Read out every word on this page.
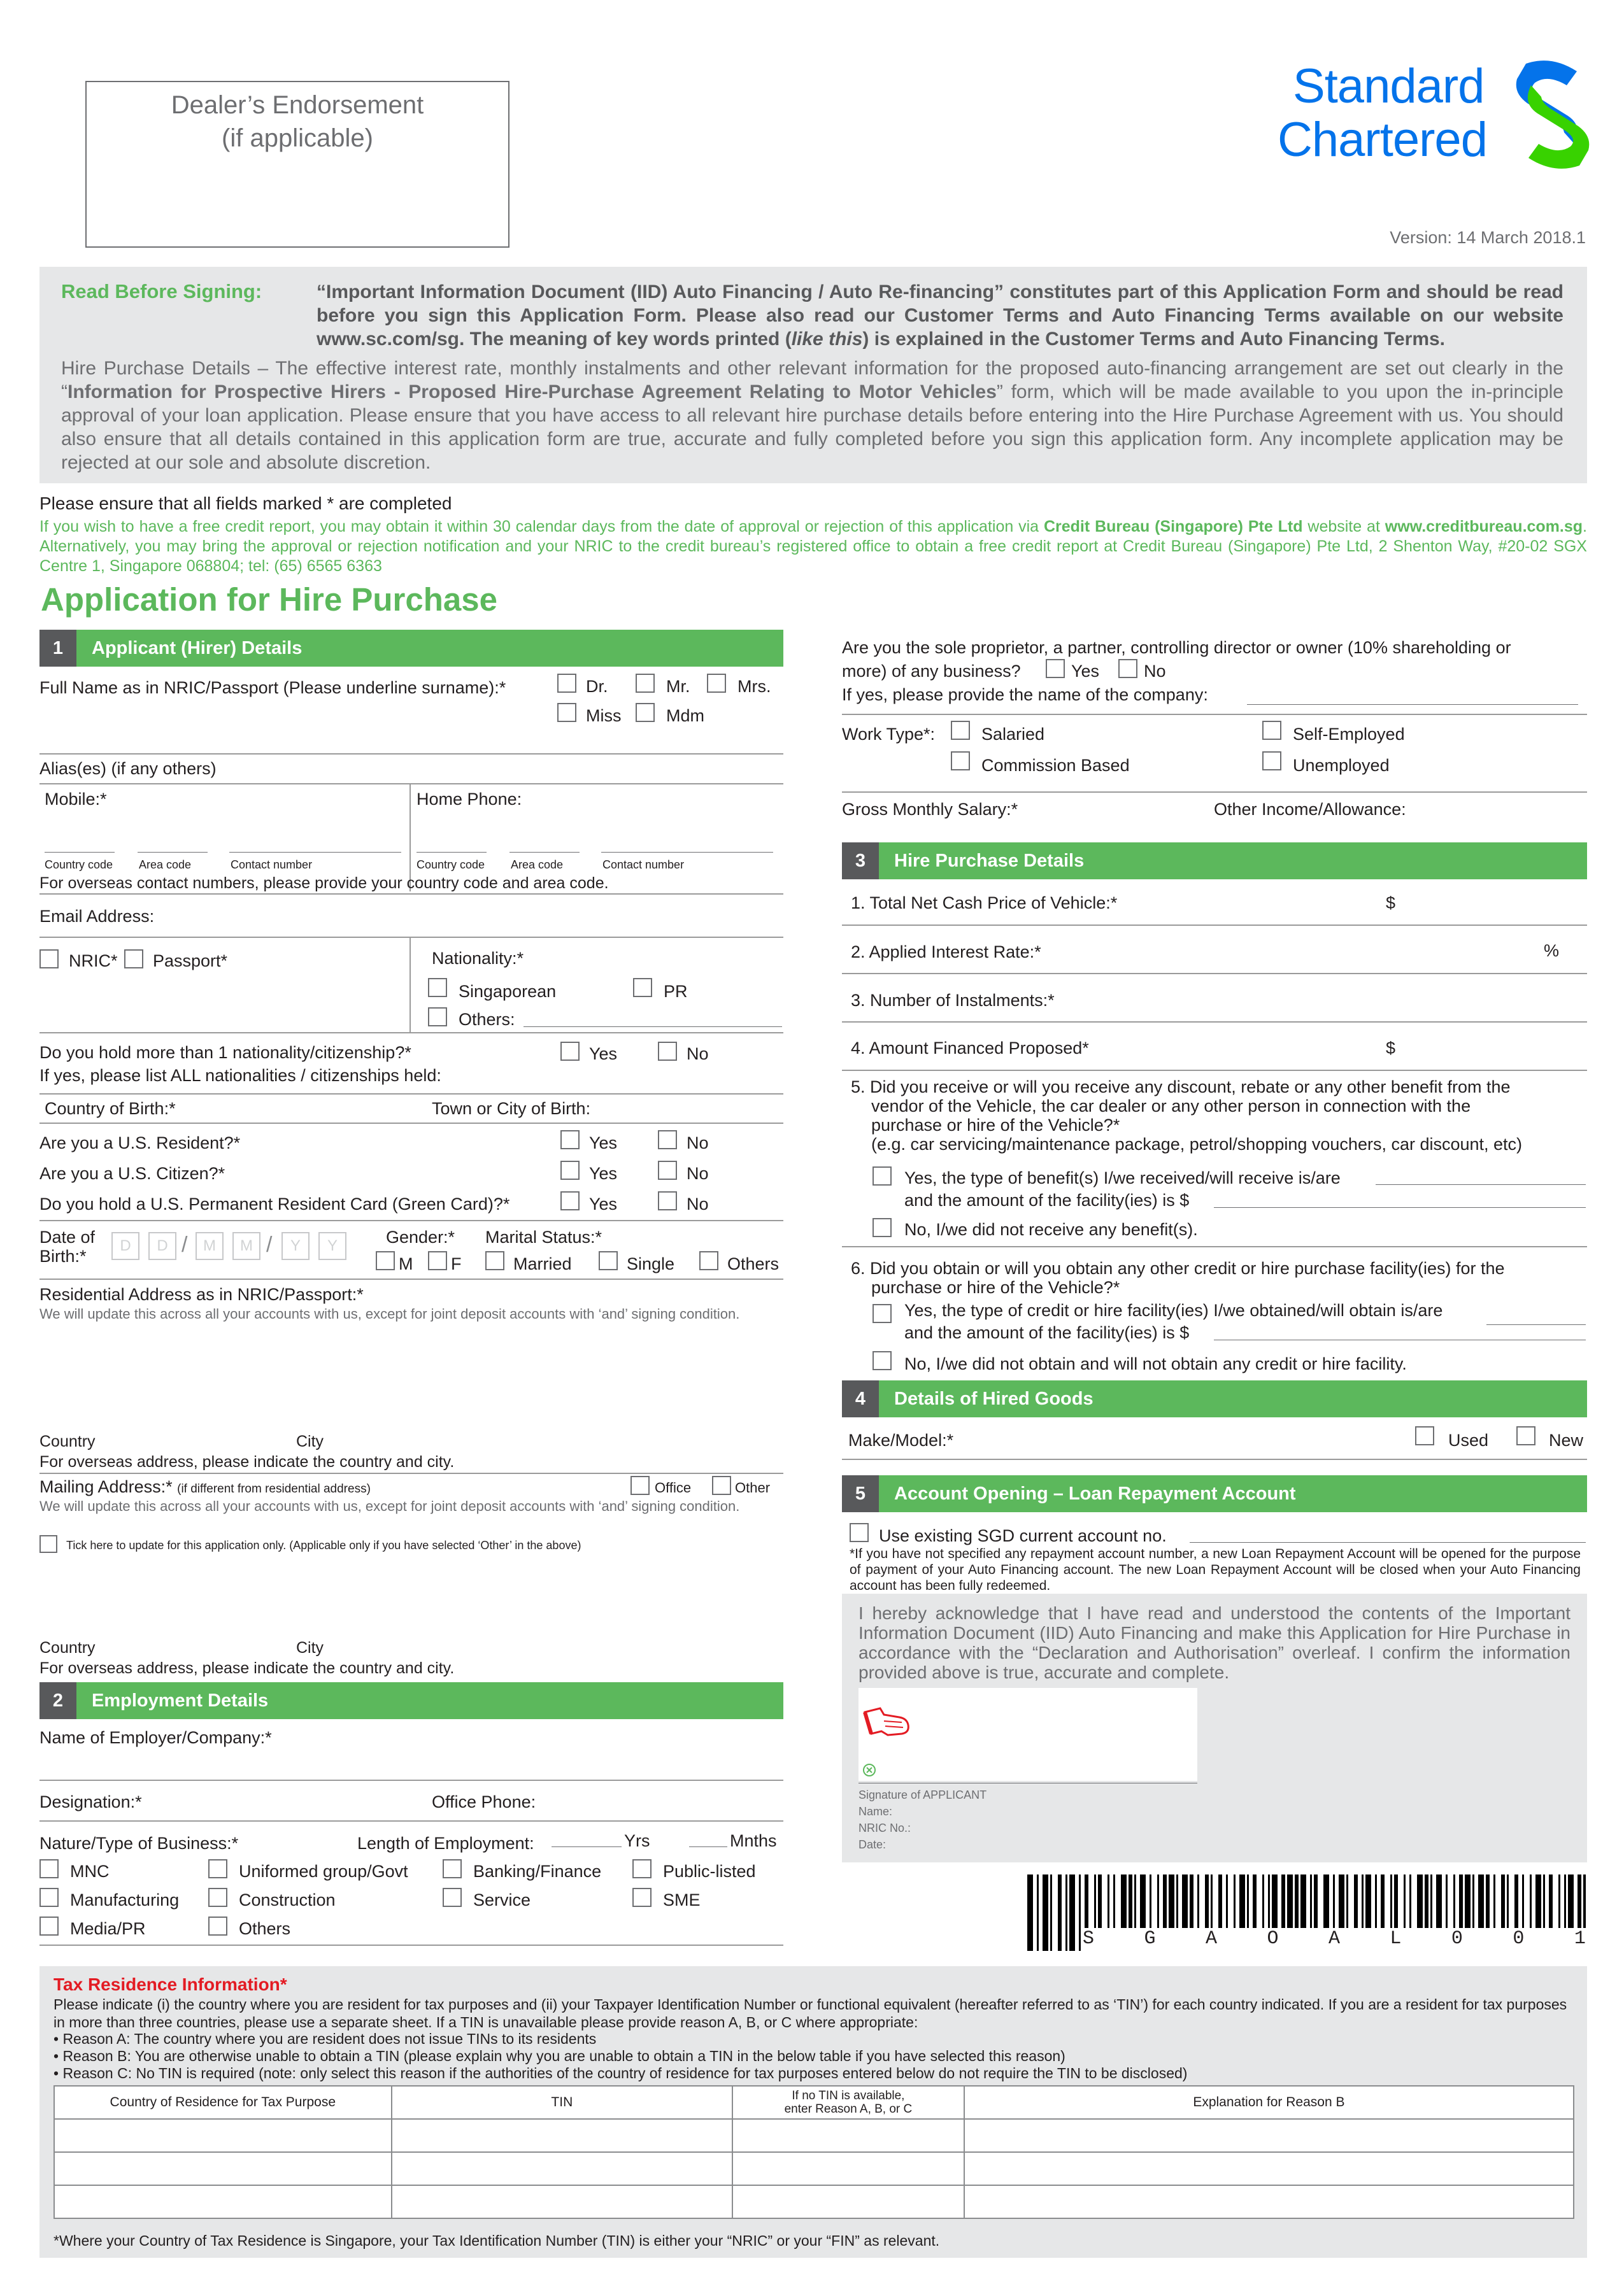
Dealer’s Endorsement
(if applicable)
Standard
Chartered
Version: 14 March 2018.1
Read Before Signing:	“Important Information Document (IID) Auto Financing / Auto Re-financing” constitutes part of this Application Form and should be read before you sign this Application Form. Please also read our Customer Terms and Auto Financing Terms available on our website www.sc.com/sg. The meaning of key words printed (like this) is explained in the Customer Terms and Auto Financing Terms.
Hire Purchase Details – The effective interest rate, monthly instalments and other relevant information for the proposed auto-financing arrangement are set out clearly in the “Information for Prospective Hirers - Proposed Hire-Purchase Agreement Relating to Motor Vehicles” form, which will be made available to you upon the in-principle approval of your loan application. Please ensure that you have access to all relevant hire purchase details before entering into the Hire Purchase Agreement with us. You should also ensure that all details contained in this application form are true, accurate and fully completed before you sign this application form. Any incomplete application may be rejected at our sole and absolute discretion.
Please ensure that all fields marked * are completed
If you wish to have a free credit report, you may obtain it within 30 calendar days from the date of approval or rejection of this application via Credit Bureau (Singapore) Pte Ltd website at www.creditbureau.com.sg. Alternatively, you may bring the approval or rejection notification and your NRIC to the credit bureau’s registered office to obtain a free credit report at Credit Bureau (Singapore) Pte Ltd, 2 Shenton Way, #20-02 SGX Centre 1, Singapore 068804; tel: (65) 6565 6363
Application for Hire Purchase
1	Applicant (Hirer) Details
Full Name as in NRIC/Passport (Please underline surname):*	Dr.	Mr.	Mrs.
Miss	Mdm
Alias(es) (if any others)
Mobile:*	Home Phone:
Country code Area code	Contact number	Country code Area code	Contact number
For overseas contact numbers, please provide your country code and area code.
Email Address:
NRIC* Passport*	Nationality:*
Singaporean	PR
Others:
Do you hold more than 1 nationality/citizenship?*
If yes, please list ALL nationalities / citizenships held:
Yes	No
Country of Birth:*	Town or City of Birth:
Are you a U.S. Resident?*	Yes	No
Are you a U.S. Citizen?*	Yes	No
Do you hold a U.S. Permanent Resident Card (Green Card)?*	Yes	No
Date of
Birth:*
D	D /	M	M /	Y	Y	Gender:*
M F
Marital Status:*
Married	Single	Others
Residential Address as in NRIC/Passport:*
We will update this across all your accounts with us, except for joint deposit accounts with ‘and’ signing condition.
Country	City
For overseas address, please indicate the country and city.
Mailing Address:* (if different from residential address)	Office	Other
We will update this across all your accounts with us, except for joint deposit accounts with ‘and’ signing condition.
Tick here to update for this application only. (Applicable only if you have selected ‘Other’ in the above)
Country	City
For overseas address, please indicate the country and city.
2	Employment Details
Name of Employer/Company:*
Designation:*	Office Phone:
Nature/Type of Business:*	Length of Employment:	Yrs	Mnths
MNC	Uniformed group/Govt	Banking/Finance	Public-listed
Manufacturing	Construction	Service	SME
Media/PR	Others
Are you the sole proprietor, a partner, controlling director or owner (10% shareholding or
more) of any business?	Yes	No
If yes, please provide the name of the company:
Work Type*:	Salaried	Self-Employed
Commission Based	Unemployed
Gross Monthly Salary:*	Other Income/Allowance:
3	Hire Purchase Details
1. Total Net Cash Price of Vehicle:*	$
2. Applied Interest Rate:*	%
3. Number of Instalments:*
4. Amount Financed Proposed*	$
5. Did you receive or will you receive any discount, rebate or any other benefit from the
vendor of the Vehicle, the car dealer or any other person in connection with the
purchase or hire of the Vehicle?*
(e.g. car servicing/maintenance package, petrol/shopping vouchers, car discount, etc)
Yes, the type of benefit(s) I/we received/will receive is/are
and the amount of the facility(ies) is $
No, I/we did not receive any benefit(s).
6. Did you obtain or will you obtain any other credit or hire purchase facility(ies) for the
purchase or hire of the Vehicle?*
Yes, the type of credit or hire facility(ies) I/we obtained/will obtain is/are
and the amount of the facility(ies) is $
No, I/we did not obtain and will not obtain any credit or hire facility.
4	Details of Hired Goods
Make/Model:*	Used	New
5	Account Opening – Loan Repayment Account
Use existing SGD current account no.
*If you have not specified any repayment account number, a new Loan Repayment Account will be opened for the purpose of payment of your Auto Financing account. The new Loan Repayment Account will be closed when your Auto Financing account has been fully redeemed.
I hereby acknowledge that I have read and understood the contents of the Important Information Document (IID) Auto Financing and make this Application for Hire Purchase in accordance with the “Declaration and Authorisation” overleaf. I confirm the information provided above is true, accurate and complete.
Signature of APPLICANT
Name:
NRIC No.:
Date:
S	G	A	O	A	L	0	0	1
Tax Residence Information*
Please indicate (i) the country where you are resident for tax purposes and (ii) your Taxpayer Identification Number or functional equivalent (hereafter referred to as ‘TIN’) for each country indicated. If you are a resident for tax purposes in more than three countries, please use a separate sheet. If a TIN is unavailable please provide reason A, B, or C where appropriate:
• Reason A: The country where you are resident does not issue TINs to its residents
• Reason B: You are otherwise unable to obtain a TIN (please explain why you are unable to obtain a TIN in the below table if you have selected this reason)
• Reason C: No TIN is required (note: only select this reason if the authorities of the country of residence for tax purposes entered below do not require the TIN to be disclosed)
Country of Residence for Tax Purpose	TIN	If no TIN is available,
enter Reason A, B, or C	Explanation for Reason B

*Where your Country of Tax Residence is Singapore, your Tax Identification Number (TIN) is either your “NRIC” or your “FIN” as relevant.
